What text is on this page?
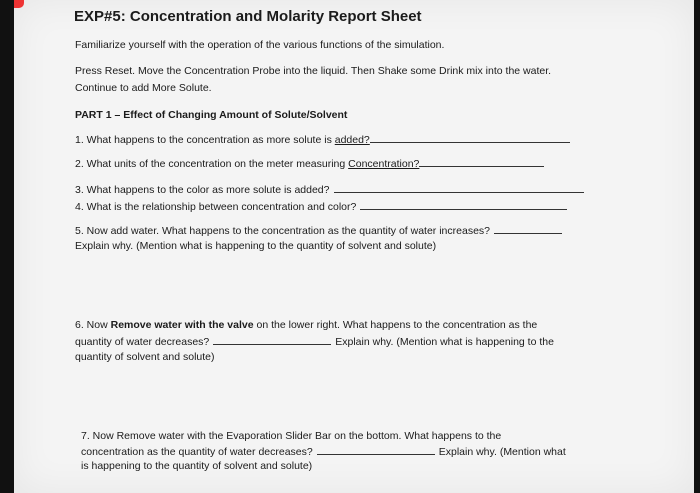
EXP#5: Concentration and Molarity Report Sheet
Familiarize yourself with the operation of the various functions of the simulation.
Press Reset. Move the Concentration Probe into the liquid. Then Shake some Drink mix into the water.
Continue to add More Solute.
PART 1 – Effect of Changing Amount of Solute/Solvent
1. What happens to the concentration as more solute is added?
2. What units of the concentration on the meter measuring Concentration?
3. What happens to the color as more solute is added?
4. What is the relationship between concentration and color?
5. Now add water. What happens to the concentration as the quantity of water increases?
Explain why. (Mention what is happening to the quantity of solvent and solute)
6. Now Remove water with the valve on the lower right. What happens to the concentration as the
quantity of water decreases?	Explain why. (Mention what is happening to the
quantity of solvent and solute)
7. Now Remove water with the Evaporation Slider Bar on the bottom. What happens to the
concentration as the quantity of water decreases?	Explain why. (Mention what
is happening to the quantity of solvent and solute)
